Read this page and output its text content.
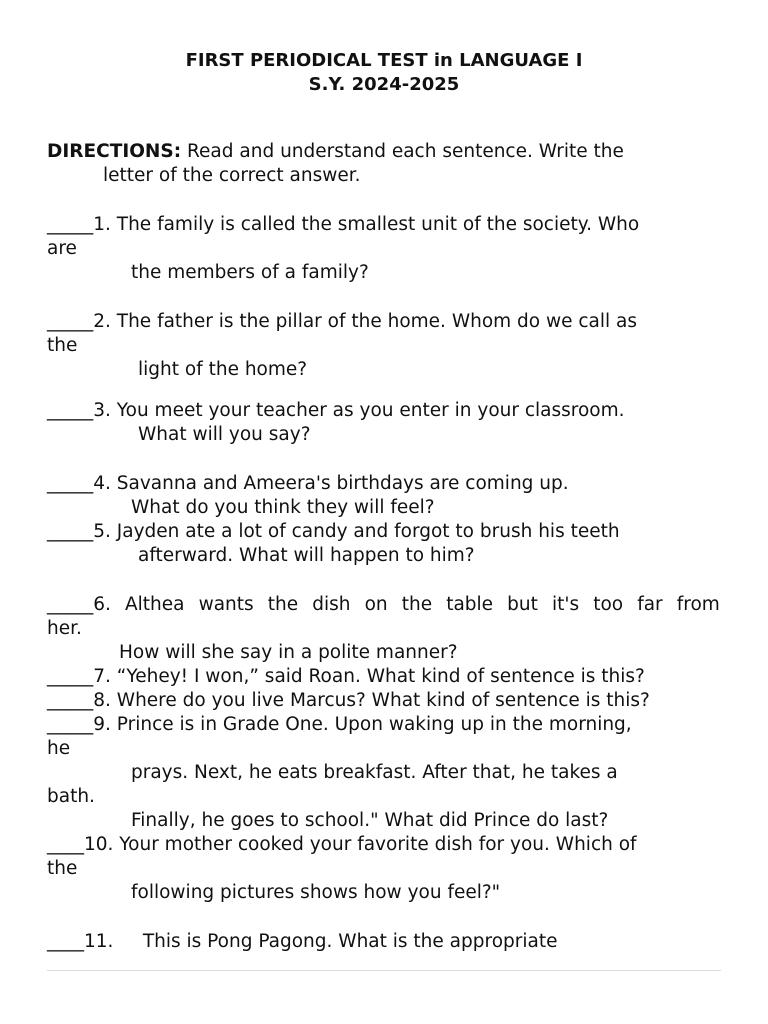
FIRST PERIODICAL TEST in LANGUAGE I
S.Y. 2024-2025
DIRECTIONS: Read and understand each sentence. Write the
letter of the correct answer.
_____1. The family is called the smallest unit of the society. Who
are
the members of a family?
_____2. The father is the pillar of the home. Whom do we call as
the
light of the home?
_____3. You meet your teacher as you enter in your classroom.
What will you say?
_____4. Savanna and Ameera's birthdays are coming up.
What do you think they will feel?
_____5. Jayden ate a lot of candy and forgot to brush his teeth
afterward. What will happen to him?
_____6. Althea wants the dish on the table but it's too far from
her.
How will she say in a polite manner?
_____7. “Yehey! I won,” said Roan. What kind of sentence is this?
_____8. Where do you live Marcus? What kind of sentence is this?
_____9. Prince is in Grade One. Upon waking up in the morning,
he
prays. Next, he eats breakfast. After that, he takes a
bath.
Finally, he goes to school." What did Prince do last?
____10. Your mother cooked your favorite dish for you. Which of
the
following pictures shows how you feel?"
____11.     This is Pong Pagong. What is the appropriate
